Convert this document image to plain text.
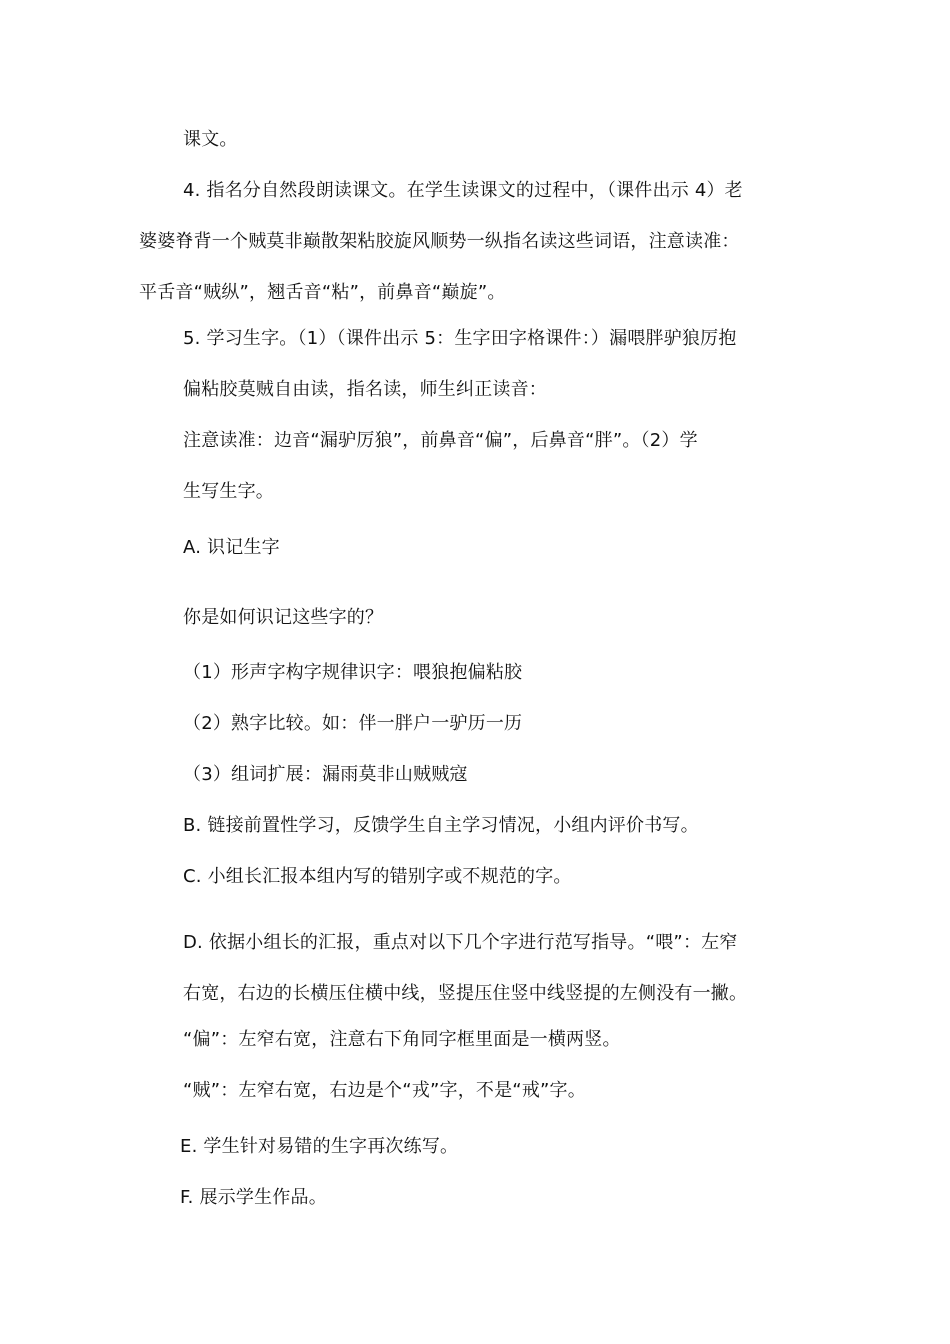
课文。

4. 指名分自然段朗读课文。在学生读课文的过程中，（课件出示 4）老

婆婆脊背一个贼莫非巅散架粘胶旋风顺势一纵指名读这些词语，注意读准：

平舌音“贼纵”，翘舌音“粘”，前鼻音“巅旋”。

5. 学习生字。（1）（课件出示 5：生字田字格课件：）漏喂胖驴狼厉抱

偏粘胶莫贼自由读，指名读，师生纠正读音：

注意读准：边音“漏驴厉狼”，前鼻音“偏”，后鼻音“胖”。（2）学

生写生字。

A. 识记生字

你是如何识记这些字的？

（1）形声字构字规律识字：喂狼抱偏粘胶

（2）熟字比较。如：伴一胖户一驴历一历

（3）组词扩展：漏雨莫非山贼贼寇

B. 链接前置性学习，反馈学生自主学习情况，小组内评价书写。

C. 小组长汇报本组内写的错别字或不规范的字。

D. 依据小组长的汇报，重点对以下几个字进行范写指导。“喂”：左窄

右宽，右边的长横压住横中线，竖提压住竖中线竖提的左侧没有一撇。

“偏”：左窄右宽，注意右下角同字框里面是一横两竖。

“贼”：左窄右宽，右边是个“戎”字，不是“戒”字。

E. 学生针对易错的生字再次练写。

F. 展示学生作品。
